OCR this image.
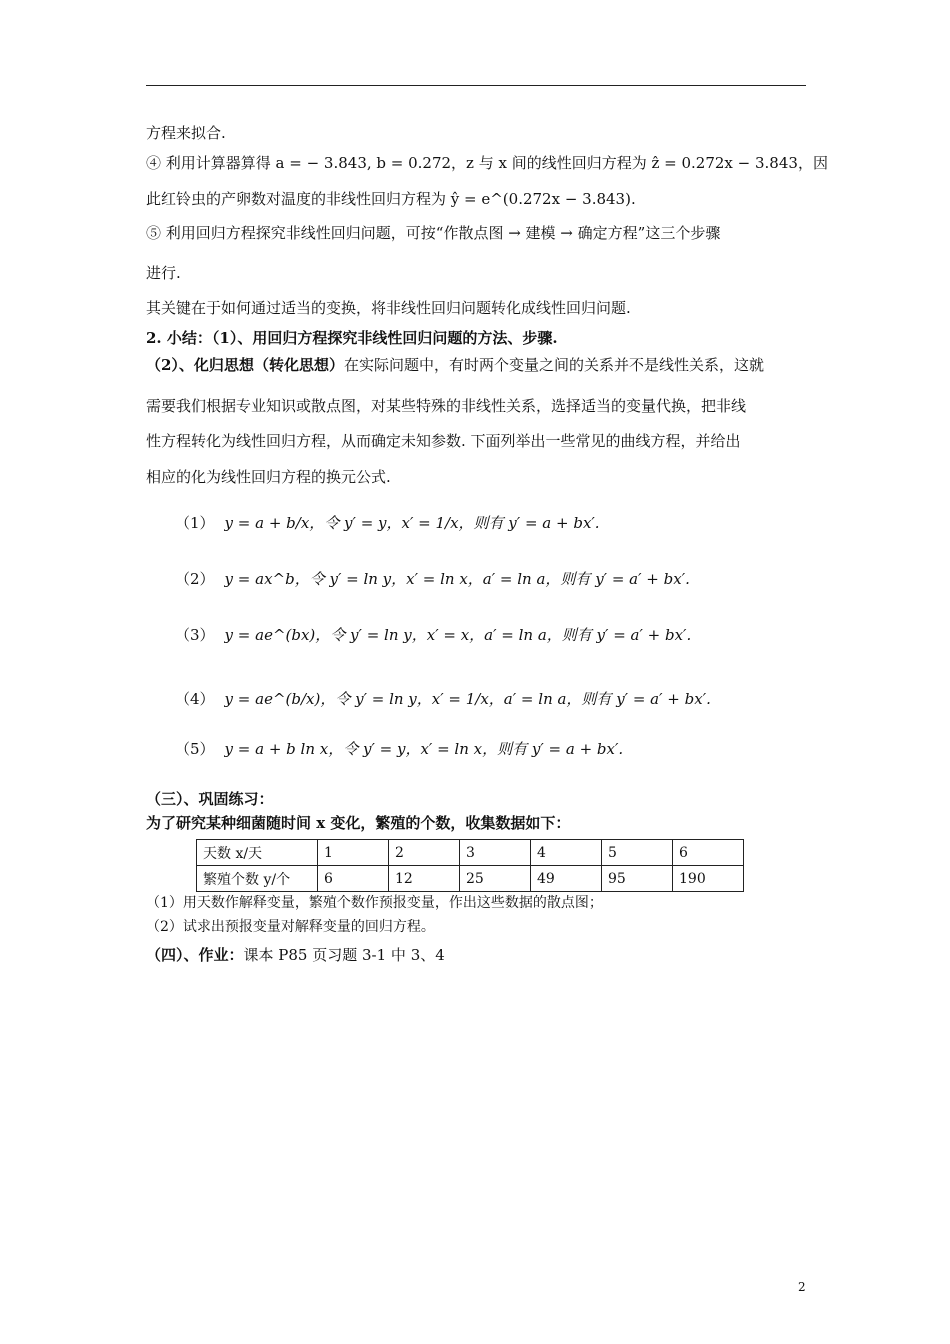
方程来拟合.
④ 利用计算器算得 a = − 3.843, b = 0.272，z 与 x 间的线性回归方程为 ẑ = 0.272x − 3.843，因
此红铃虫的产卵数对温度的非线性回归方程为 ŷ = e^(0.272x − 3.843).
⑤ 利用回归方程探究非线性回归问题，可按“作散点图 → 建模 → 确定方程”这三个步骤
进行.
其关键在于如何通过适当的变换，将非线性回归问题转化成线性回归问题.
2. 小结：（1）、用回归方程探究非线性回归问题的方法、步骤.
（2）、化归思想（转化思想）在实际问题中，有时两个变量之间的关系并不是线性关系，这就
需要我们根据专业知识或散点图，对某些特殊的非线性关系，选择适当的变量代换，把非线
性方程转化为线性回归方程，从而确定未知参数. 下面列举出一些常见的曲线方程，并给出
相应的化为线性回归方程的换元公式.
（1） y = a + b/x，令 y′ = y，x′ = 1/x，则有 y′ = a + bx′.
（2） y = ax^b，令 y′ = ln y，x′ = ln x，a′ = ln a，则有 y′ = a′ + bx′.
（3） y = ae^(bx)，令 y′ = ln y，x′ = x，a′ = ln a，则有 y′ = a′ + bx′.
（4） y = ae^(b/x)，令 y′ = ln y，x′ = 1/x，a′ = ln a，则有 y′ = a′ + bx′.
（5） y = a + b ln x，令 y′ = y，x′ = ln x，则有 y′ = a + bx′.
（三）、巩固练习：
为了研究某种细菌随时间 x 变化，繁殖的个数，收集数据如下：
天数 x/天	1	2	3	4	5	6
繁殖个数 y/个	6	12	25	49	95	190
（1）用天数作解释变量，繁殖个数作预报变量，作出这些数据的散点图；
（2）试求出预报变量对解释变量的回归方程。
（四）、作业：课本 P85 页习题 3-1 中 3、4
2
